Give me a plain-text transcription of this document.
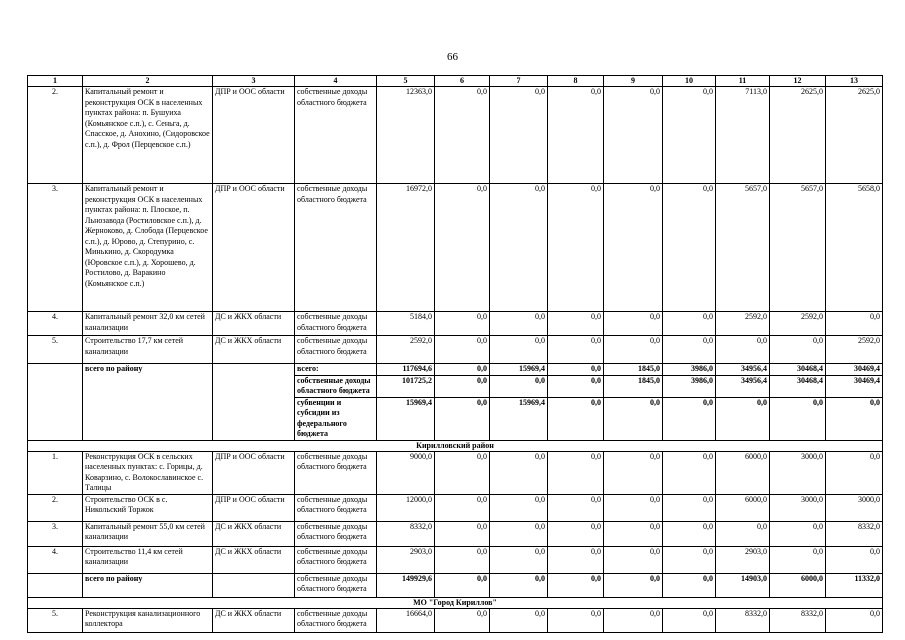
66
1	2	3	4	5	6	7	8	9	10	11	12	13
2.	Капитальный ремонт и реконструкция ОСК в населенных пунктах района: п. Бушуиха (Комьянское с.п.), с. Сеньга, д. Спасское, д. Анохино, (Сидоровское с.п.), д. Фрол (Перцевское с.п.)	ДПР и ООС области	собственные доходы областного бюджета	12363,0	0,0	0,0	0,0	0,0	0,0	7113,0	2625,0	2625,0
3.	Капитальный ремонт и реконструкция ОСК в населенных пунктах района: п. Плоское, п. Льнозавода (Ростиловское с.п.), д. Жерноково, д. Слобода (Перцевское с.п.), д. Юрово, д. Степурино, с. Минькино, д. Скородумка (Юровское с.п.), д. Хорошево, д. Ростилово, д. Варакино (Комьянское с.п.)	ДПР и ООС области	собственные доходы областного бюджета	16972,0	0,0	0,0	0,0	0,0	0,0	5657,0	5657,0	5658,0
4.	Капитальный ремонт 32,0 км сетей канализации	ДС и ЖКХ области	собственные доходы областного бюджета	5184,0	0,0	0,0	0,0	0,0	0,0	2592,0	2592,0	0,0
5.	Строительство 17,7 км сетей канализации	ДС и ЖКХ области	собственные доходы областного бюджета	2592,0	0,0	0,0	0,0	0,0	0,0	0,0	0,0	2592,0
	всего по району		всего:	117694,6	0,0	15969,4	0,0	1845,0	3986,0	34956,4	30468,4	30469,4
			собственные доходы областного бюджета	101725,2	0,0	0,0	0,0	1845,0	3986,0	34956,4	30468,4	30469,4
			субвенции и субсидии из федерального бюджета	15969,4	0,0	15969,4	0,0	0,0	0,0	0,0	0,0	0,0
Кирилловский район												
1.	Реконструкция ОСК в сельских населенных пунктах: с. Горицы, д. Коварзино, с. Волокославинское с. Талицы	ДПР и ООС области	собственные доходы областного бюджета	9000,0	0,0	0,0	0,0	0,0	0,0	6000,0	3000,0	0,0
2.	Строительство ОСК в с. Никольский Торжок	ДПР и ООС области	собственные доходы областного бюджета	12000,0	0,0	0,0	0,0	0,0	0,0	6000,0	3000,0	3000,0
3.	Капитальный ремонт 55,0 км сетей канализации	ДС и ЖКХ области	собственные доходы областного бюджета	8332,0	0,0	0,0	0,0	0,0	0,0	0,0	0,0	8332,0
4.	Строительство 11,4 км сетей канализации	ДС и ЖКХ области	собственные доходы областного бюджета	2903,0	0,0	0,0	0,0	0,0	0,0	2903,0	0,0	0,0
	всего по району		собственные доходы областного бюджета	149929,6	0,0	0,0	0,0	0,0	0,0	14903,0	6000,0	11332,0
МО "Город Кириллов"												
5.	Реконструкция канализационного коллектора	ДС и ЖКХ области	собственные доходы областного бюджета	16664,0	0,0	0,0	0,0	0,0	0,0	8332,0	8332,0	0,0
